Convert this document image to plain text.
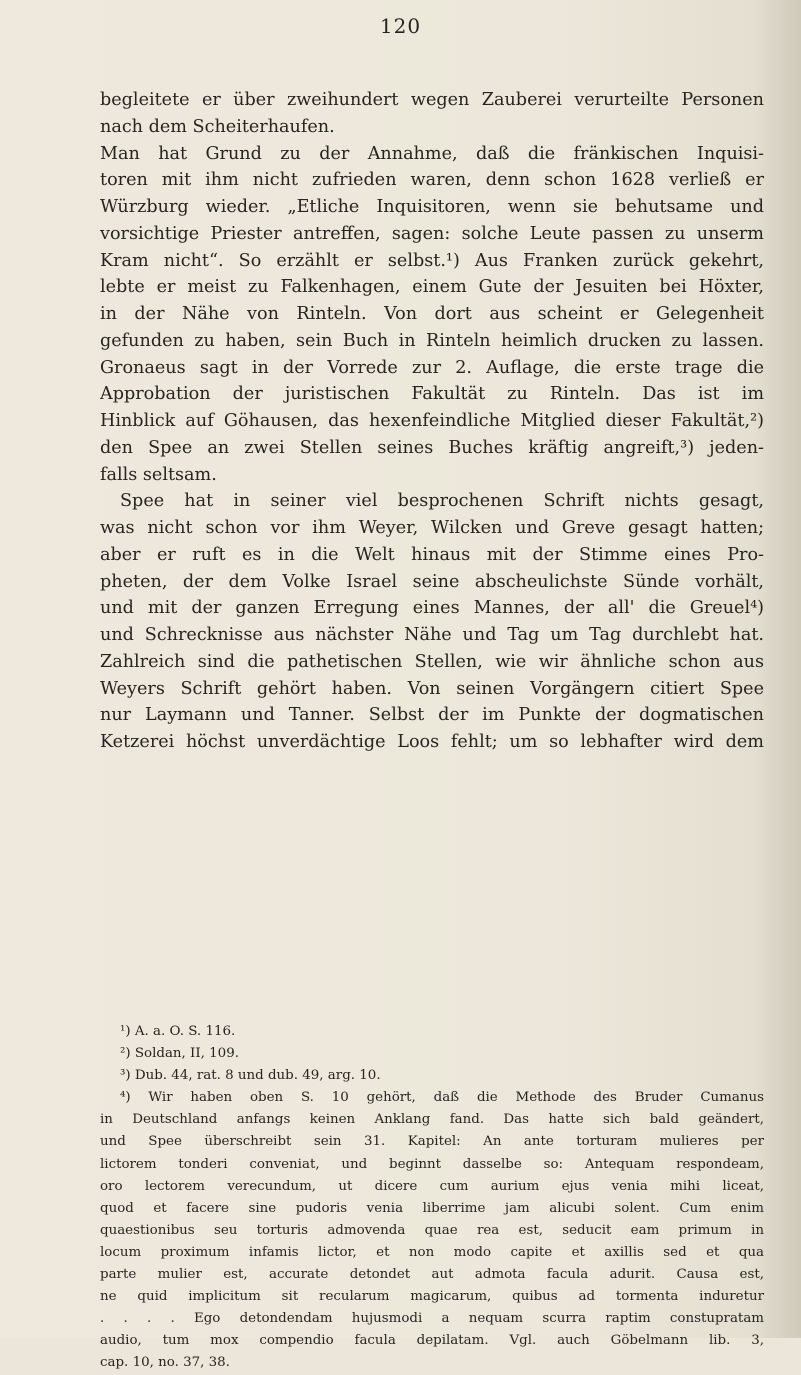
120
begleitete er über zweihundert wegen Zauberei verurteilte Personen
nach dem Scheiterhaufen.
Man hat Grund zu der Annahme, daß die fränkischen Inquisi-
toren mit ihm nicht zufrieden waren, denn schon 1628 verließ er
Würzburg wieder. „Etliche Inquisitoren, wenn sie behutsame und
vorsichtige Priester antreffen, sagen: solche Leute passen zu unserm
Kram nicht“. So erzählt er selbst.¹) Aus Franken zurück gekehrt,
lebte er meist zu Falkenhagen, einem Gute der Jesuiten bei Höxter,
in der Nähe von Rinteln. Von dort aus scheint er Gelegenheit
gefunden zu haben, sein Buch in Rinteln heimlich drucken zu lassen.
Gronaeus sagt in der Vorrede zur 2. Auflage, die erste trage die
Approbation der juristischen Fakultät zu Rinteln. Das ist im
Hinblick auf Göhausen, das hexenfeindliche Mitglied dieser Fakultät,²)
den Spee an zwei Stellen seines Buches kräftig angreift,³) jeden-
falls seltsam.
Spee hat in seiner viel besprochenen Schrift nichts gesagt,
was nicht schon vor ihm Weyer, Wilcken und Greve gesagt hatten;
aber er ruft es in die Welt hinaus mit der Stimme eines Pro-
pheten, der dem Volke Israel seine abscheulichste Sünde vorhält,
und mit der ganzen Erregung eines Mannes, der all' die Greuel⁴)
und Schrecknisse aus nächster Nähe und Tag um Tag durchlebt hat.
Zahlreich sind die pathetischen Stellen, wie wir ähnliche schon aus
Weyers Schrift gehört haben. Von seinen Vorgängern citiert Spee
nur Laymann und Tanner. Selbst der im Punkte der dogmatischen
Ketzerei höchst unverdächtige Loos fehlt; um so lebhafter wird dem
¹) A. a. O. S. 116.
²) Soldan, II, 109.
³) Dub. 44, rat. 8 und dub. 49, arg. 10.
⁴) Wir haben oben S. 10 gehört, daß die Methode des Bruder Cumanus
in Deutschland anfangs keinen Anklang fand. Das hatte sich bald geändert,
und Spee überschreibt sein 31. Kapitel: An ante torturam mulieres per
lictorem tonderi conveniat, und beginnt dasselbe so: Antequam respondeam,
oro lectorem verecundum, ut dicere cum aurium ejus venia mihi liceat,
quod et facere sine pudoris venia liberrime jam alicubi solent. Cum enim
quaestionibus seu torturis admovenda quae rea est, seducit eam primum in
locum proximum infamis lictor, et non modo capite et axillis sed et qua
parte mulier est, accurate detondet aut admota facula adurit. Causa est,
ne quid implicitum sit recularum magicarum, quibus ad tormenta induretur
. . . . Ego detondendam hujusmodi a nequam scurra raptim constupratam
audio, tum mox compendio facula depilatam. Vgl. auch Göbelmann lib. 3,
cap. 10, no. 37, 38.
